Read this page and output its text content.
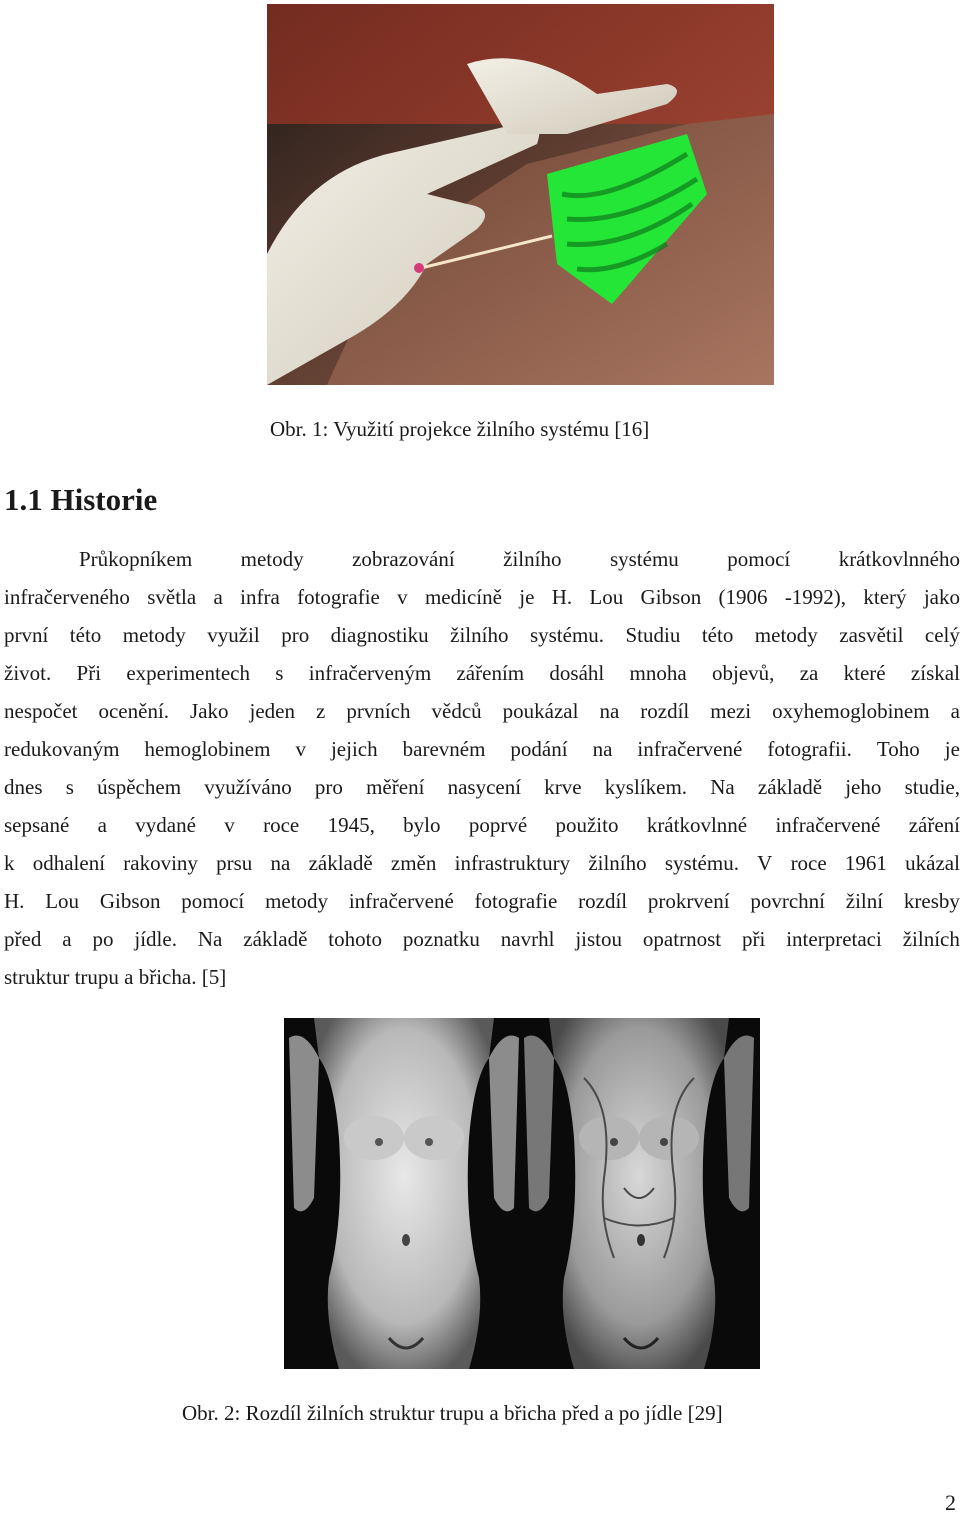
Obr. 1: Využití projekce žilního systému [16]
1.1 Historie
Průkopníkem metody zobrazování žilního systému pomocí krátkovlnného
infračerveného světla a infra fotografie v medicíně je H. Lou Gibson (1906 -1992), který jako
první této metody využil pro diagnostiku žilního systému. Studiu této metody zasvětil celý
život. Při experimentech s infračerveným zářením dosáhl mnoha objevů, za které získal
nespočet ocenění. Jako jeden z prvních vědců poukázal na rozdíl mezi oxyhemoglobinem a
redukovaným hemoglobinem v jejich barevném podání na infračervené fotografii. Toho je
dnes s úspěchem využíváno pro měření nasycení krve kyslíkem. Na základě jeho studie,
sepsané a vydané v roce 1945, bylo poprvé použito krátkovlnné infračervené záření
k odhalení rakoviny prsu na základě změn infrastruktury žilního systému. V roce 1961 ukázal
H. Lou Gibson pomocí metody infračervené fotografie rozdíl prokrvení povrchní žilní kresby
před a po jídle. Na základě tohoto poznatku navrhl jistou opatrnost při interpretaci žilních
struktur trupu a břicha. [5]
Obr. 2: Rozdíl žilních struktur trupu a břicha před a po jídle [29]
2
